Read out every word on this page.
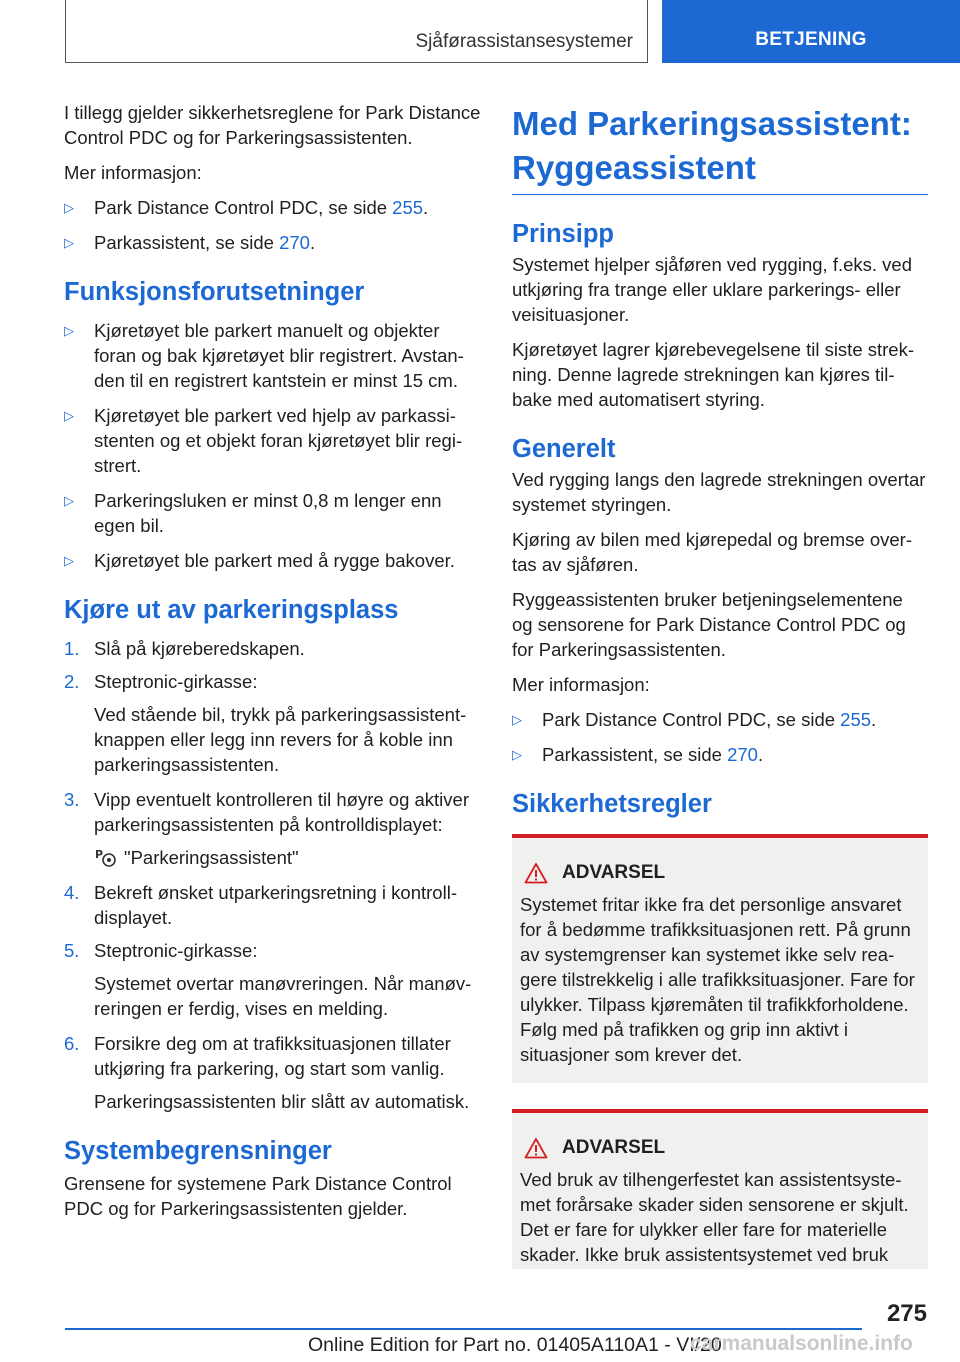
Sjåførassistansesystemer	BETJENING

I tillegg gjelder sikkerhetsreglene for Park Distance Control PDC og for Parkeringsassistenten.

Mer informasjon:

▷	Park Distance Control PDC, se side 255.
▷	Parkassistent, se side 270.
Funksjonsforutsetninger
▷	Kjøretøyet ble parkert manuelt og objekter foran og bak kjøretøyet blir registrert. Avstanden til en registrert kantstein er minst 15 cm.
▷	Kjøretøyet ble parkert ved hjelp av parkassistenten og et objekt foran kjøretøyet blir registrert.
▷	Parkeringsluken er minst 0,8 m lenger enn egen bil.
▷	Kjøretøyet ble parkert med å rygge bakover.
Kjøre ut av parkeringsplass
1. Slå på kjøreberedskapen.
2. Steptronic-girkasse:

Ved stående bil, trykk på parkeringsassistentknappen eller legg inn revers for å koble inn parkeringsassistenten.

3. Vipp eventuelt kontrolleren til høyre og aktiver parkeringsassistenten på kontrolldisplayet:

P "Parkeringsassistent"

4. Bekreft ønsket utparkeringsretning i kontrolldisplayet.
5. Steptronic-girkasse:

Systemet overtar manøvreringen. Når manøvreringen er ferdig, vises en melding.

6. Forsikre deg om at trafikksituasjonen tillater utkjøring fra parkering, og start som vanlig.

Parkeringsassistenten blir slått av automatisk.

Systembegrensninger

Grensene for systemene Park Distance Control PDC og for Parkeringsassistenten gjelder.

Med Parkeringsassistent: Ryggeassistent
Prinsipp

Systemet hjelper sjåføren ved rygging, f.eks. ved utkjøring fra trange eller uklare parkerings- eller veisituasjoner.

Kjøretøyet lagrer kjørebevegelsene til siste strekning. Denne lagrede strekningen kan kjøres tilbake med automatisert styring.

Generelt

Ved rygging langs den lagrede strekningen overtar systemet styringen.

Kjøring av bilen med kjørepedal og bremse overtas av sjåføren.

Ryggeassistenten bruker betjeningselementene og sensorene for Park Distance Control PDC og for Parkeringsassistenten.

Mer informasjon:

▷	Park Distance Control PDC, se side 255.
▷	Parkassistent, se side 270.
Sikkerhetsregler
ADVARSEL

Systemet fritar ikke fra det personlige ansvaret for å bedømme trafikksituasjonen rett. På grunn av systemgrenser kan systemet ikke selv reagere tilstrekkelig i alle trafikksituasjoner. Fare for ulykker. Tilpass kjøremåten til trafikkforholdene. Følg med på trafikken og grip inn aktivt i situasjoner som krever det.

ADVARSEL

Ved bruk av tilhengerfestet kan assistentsystemet forårsake skader siden sensorene er skjult. Det er fare for ulykker eller fare for materielle skader. Ikke bruk assistentsystemet ved bruk

275
Online Edition for Part no. 01405A110A1 - VI/20
carmanualsonline.info
